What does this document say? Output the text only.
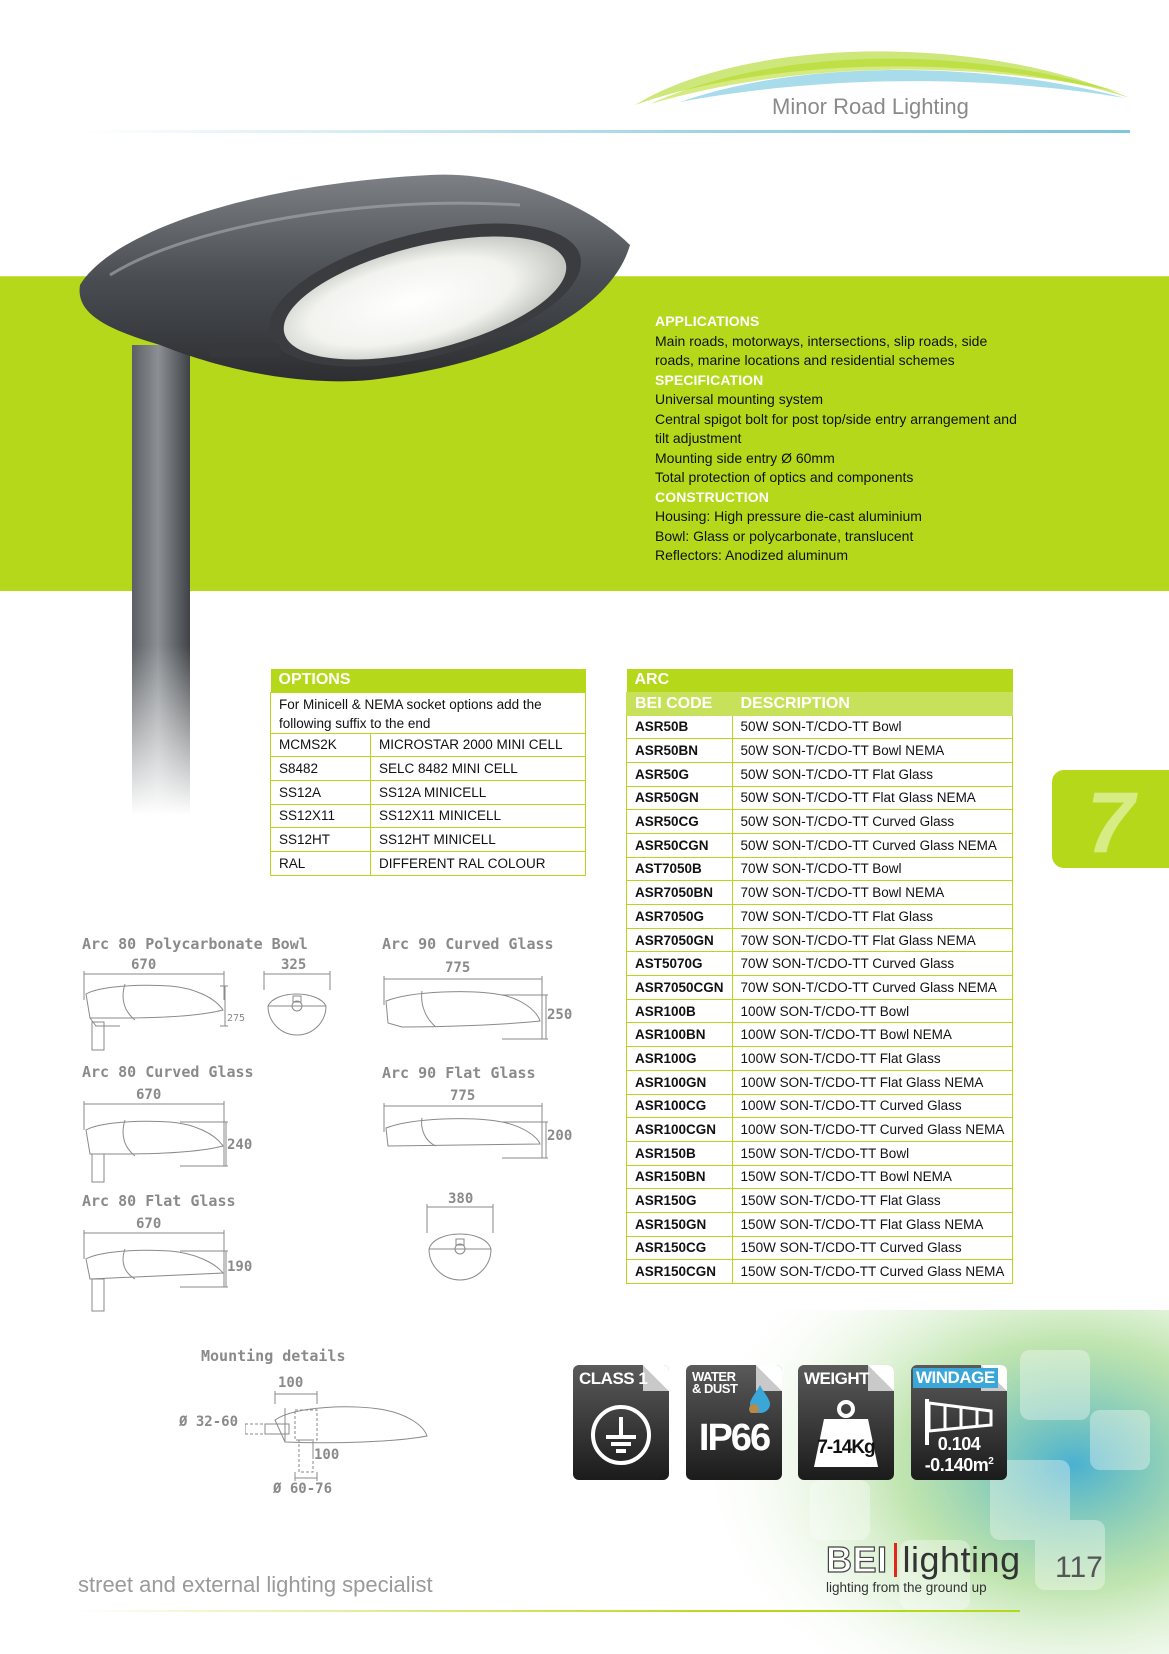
Minor Road Lighting
APPLICATIONS
Main roads, motorways, intersections, slip roads, side
roads, marine locations and residential schemes
SPECIFICATION
Universal mounting system
Central spigot bolt for post top/side entry arrangement and
tilt adjustment
Mounting side entry Ø 60mm
Total protection of optics and components
CONSTRUCTION
Housing: High pressure die-cast aluminium
Bowl: Glass or polycarbonate, translucent
Reflectors: Anodized aluminum
7
OPTIONS	
For Minicell & NEMA socket options add the following suffix to the end	
MCMS2K	MICROSTAR 2000 MINI CELL
S8482	SELC 8482 MINI CELL
SS12A	SS12A MINICELL
SS12X11	SS12X11 MINICELL
SS12HT	SS12HT MINICELL
RAL	DIFFERENT RAL COLOUR
ARC	
BEI CODE	DESCRIPTION
ASR50B	50W SON-T/CDO-TT Bowl
ASR50BN	50W SON-T/CDO-TT Bowl NEMA
ASR50G	50W SON-T/CDO-TT Flat Glass
ASR50GN	50W SON-T/CDO-TT Flat Glass NEMA
ASR50CG	50W SON-T/CDO-TT Curved Glass
ASR50CGN	50W SON-T/CDO-TT Curved Glass NEMA
AST7050B	70W SON-T/CDO-TT Bowl
ASR7050BN	70W SON-T/CDO-TT Bowl NEMA
ASR7050G	70W SON-T/CDO-TT Flat Glass
ASR7050GN	70W SON-T/CDO-TT Flat Glass NEMA
AST5070G	70W SON-T/CDO-TT Curved Glass
ASR7050CGN	70W SON-T/CDO-TT Curved Glass NEMA
ASR100B	100W SON-T/CDO-TT Bowl
ASR100BN	100W SON-T/CDO-TT Bowl NEMA
ASR100G	100W SON-T/CDO-TT Flat Glass
ASR100GN	100W SON-T/CDO-TT Flat Glass NEMA
ASR100CG	100W SON-T/CDO-TT Curved Glass
ASR100CGN	100W SON-T/CDO-TT Curved Glass NEMA
ASR150B	150W SON-T/CDO-TT Bowl
ASR150BN	150W SON-T/CDO-TT Bowl NEMA
ASR150G	150W SON-T/CDO-TT Flat Glass
ASR150GN	150W SON-T/CDO-TT Flat Glass NEMA
ASR150CG	150W SON-T/CDO-TT Curved Glass
ASR150CGN	150W SON-T/CDO-TT Curved Glass NEMA
Arc 80 Polycarbonate Bowl
670	325
275
Arc 90 Curved Glass
775
250
Arc 80 Curved Glass
670
240
Arc 90 Flat Glass
775
200
Arc 80 Flat Glass
670
190
380
Mounting details
100
Ø 32-60
100
Ø 60-76
CLASS 1	WATER
& DUST
IP66
WEIGHT
7-14Kg
WINDAGE
0.104
$-0.140m^2$
street and external lighting specialist
BEI lighting
lighting from the ground up
117
